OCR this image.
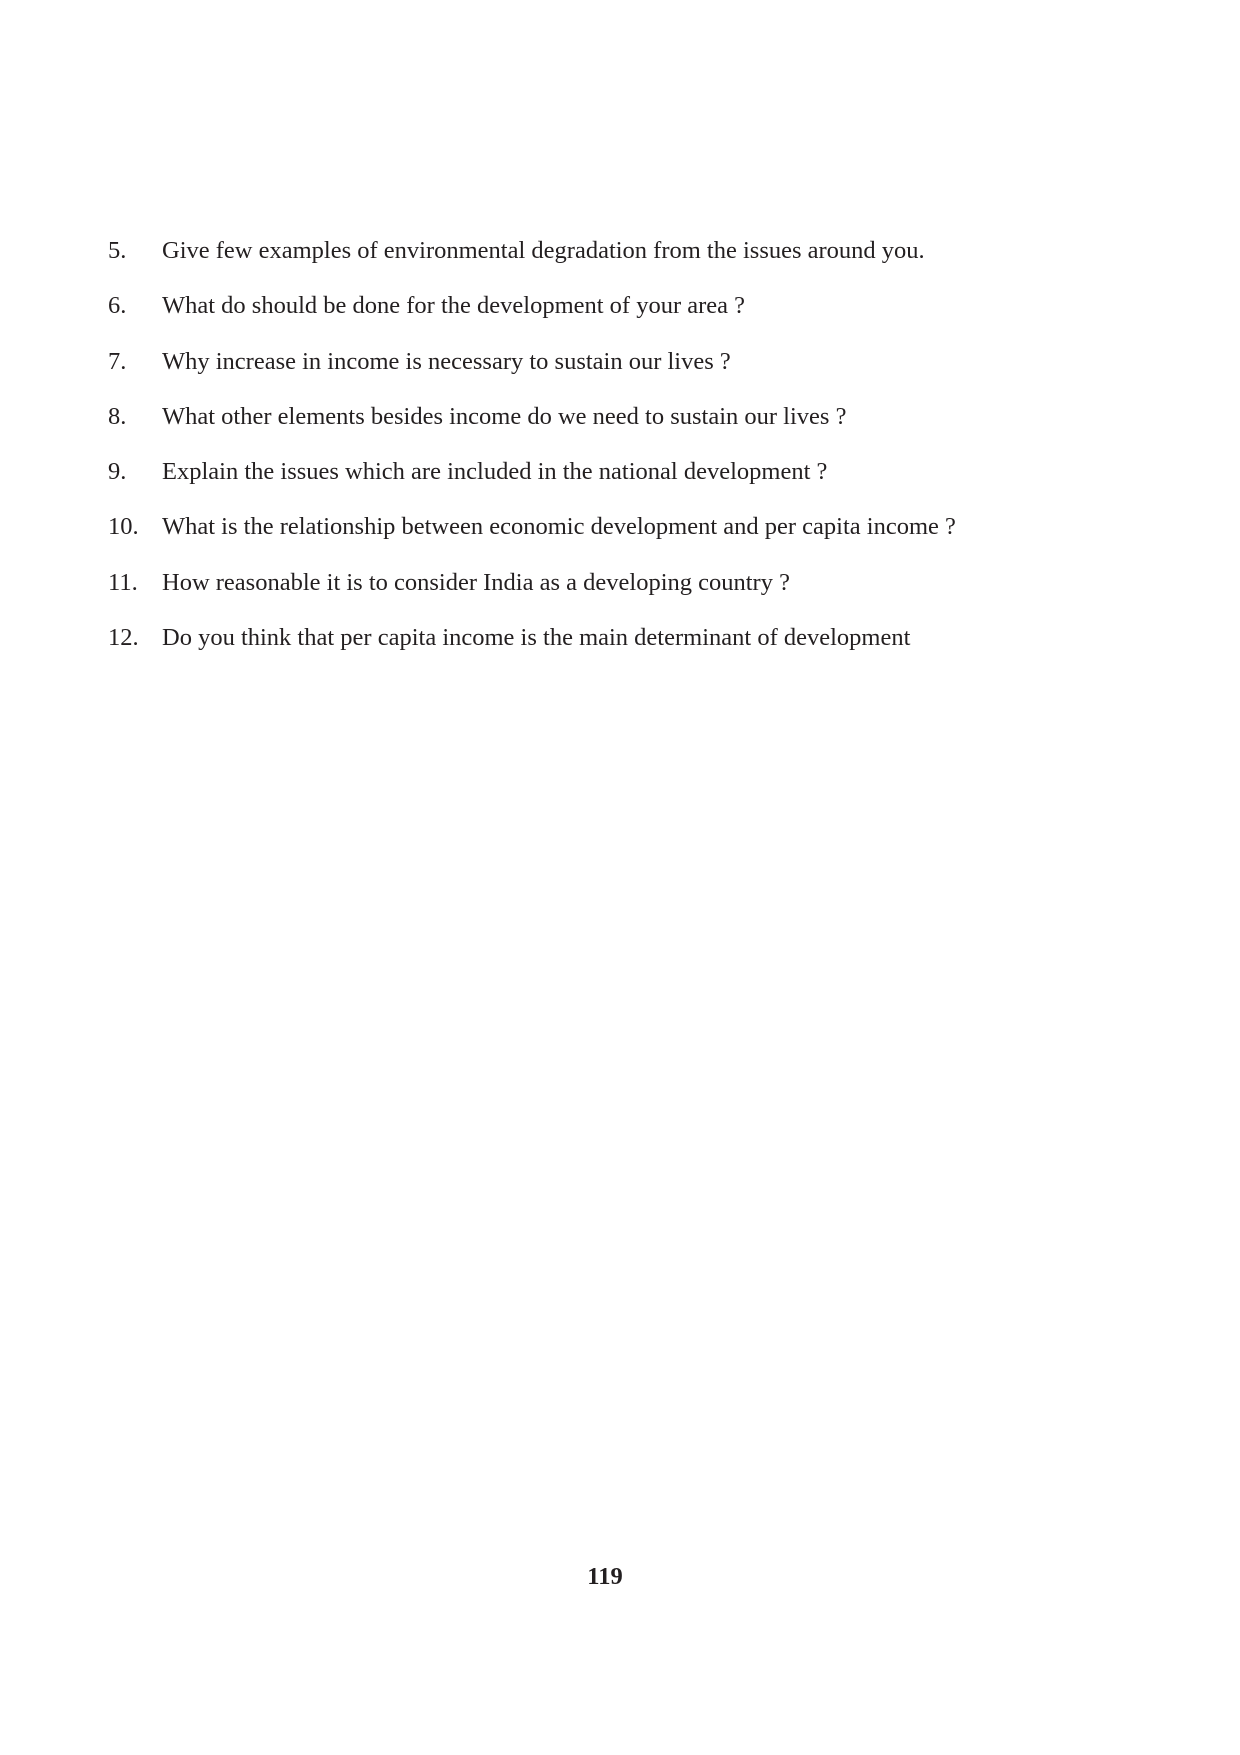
5.	Give few examples of environmental degradation from the issues around you.
6.	What do should be done for the development of your area ?
7.	Why increase in income is necessary to sustain our lives ?
8.	What other elements besides income do we need to sustain our lives ?
9.	Explain the issues which are included in the national development ?
10. What is the relationship between economic development and per capita income ?
11. How reasonable it is to consider India as a developing country ?
12. Do you think that per capita income is the main determinant of development
119
